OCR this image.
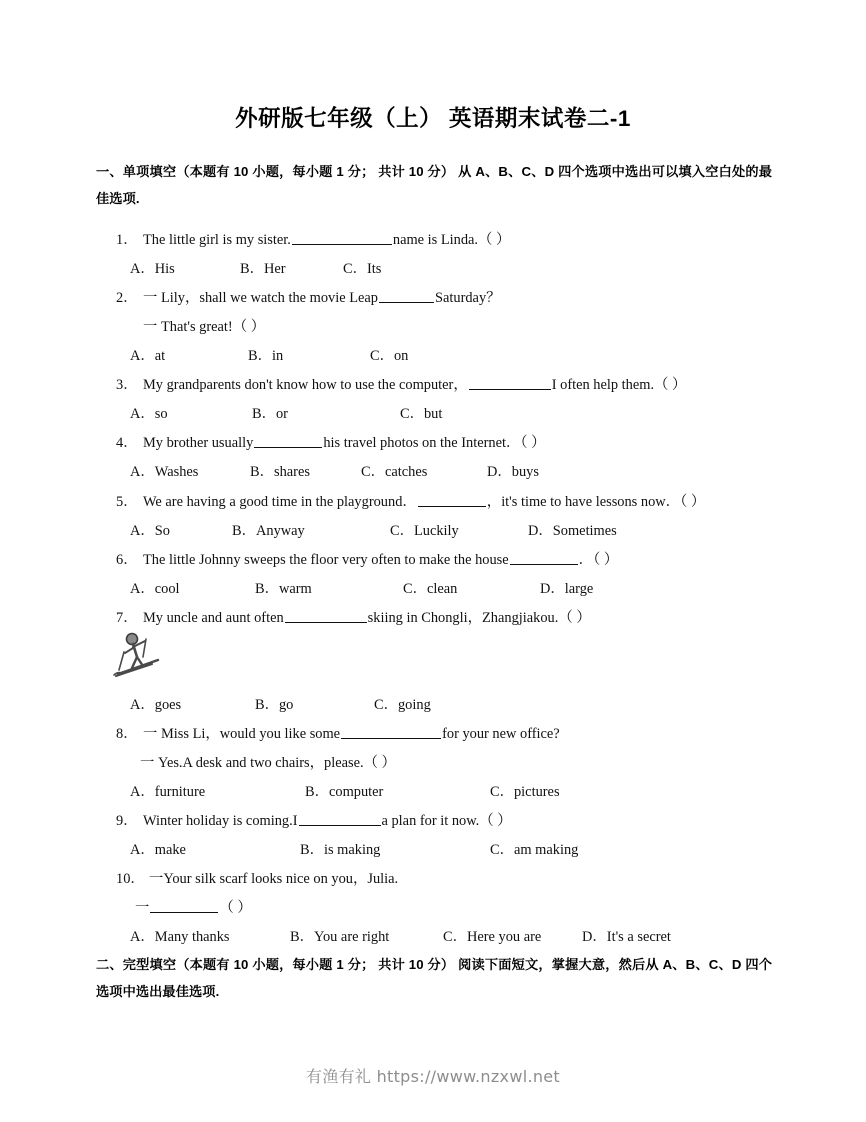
外研版七年级（上） 英语期末试卷二-1
一、单项填空（本题有 10 小题，每小题 1 分； 共计 10 分） 从 A、B、C、D 四个选项中选出可以填入空白处的最佳选项.
1． The little girl is my sister.	name is Linda.（ ）
A．His	B．Her	C．Its
2． 一 Lily，shall we watch the movie Leap	Saturday？
一 That's great!（ ）
A．at	B．in	C．on
3． My grandparents don't know how to use the computer，	I often help them.（ ）
A．so	B．or	C．but
4． My brother usually	his travel photos on the Internet．（ ）
A．Washes	B．shares	C．catches	D．buys
5． We are having a good time in the playground．	，it's time to have lessons now．（ ）
A．So	B．Anyway	C．Luckily	D．Sometimes
6． The little Johnny sweeps the floor very often to make the house	．（ ）
A．cool	B．warm	C．clean	D．large
7． My uncle and aunt often	skiing in Chongli，Zhangjiakou.（ ）
A．goes	B．go	C．going
8． 一 Miss Li，would you like some	for your new office?
一 Yes.A desk and two chairs，please.（ ）
A．furniture	B．computer	C．pictures
9． Winter holiday is coming.I	a plan for it now.（ ）
A．make	B．is making	C．am making
10． 一Your silk scarf looks nice on you，Julia.
一	（ ）
A．Many thanks	B．You are right	C．Here you are	D．It's a secret
二、完型填空（本题有 10 小题，每小题 1 分； 共计 10 分） 阅读下面短文，掌握大意，然后从 A、B、C、D 四个选项中选出最佳选项.
有渔有礼 https://www.nzxwl.net
